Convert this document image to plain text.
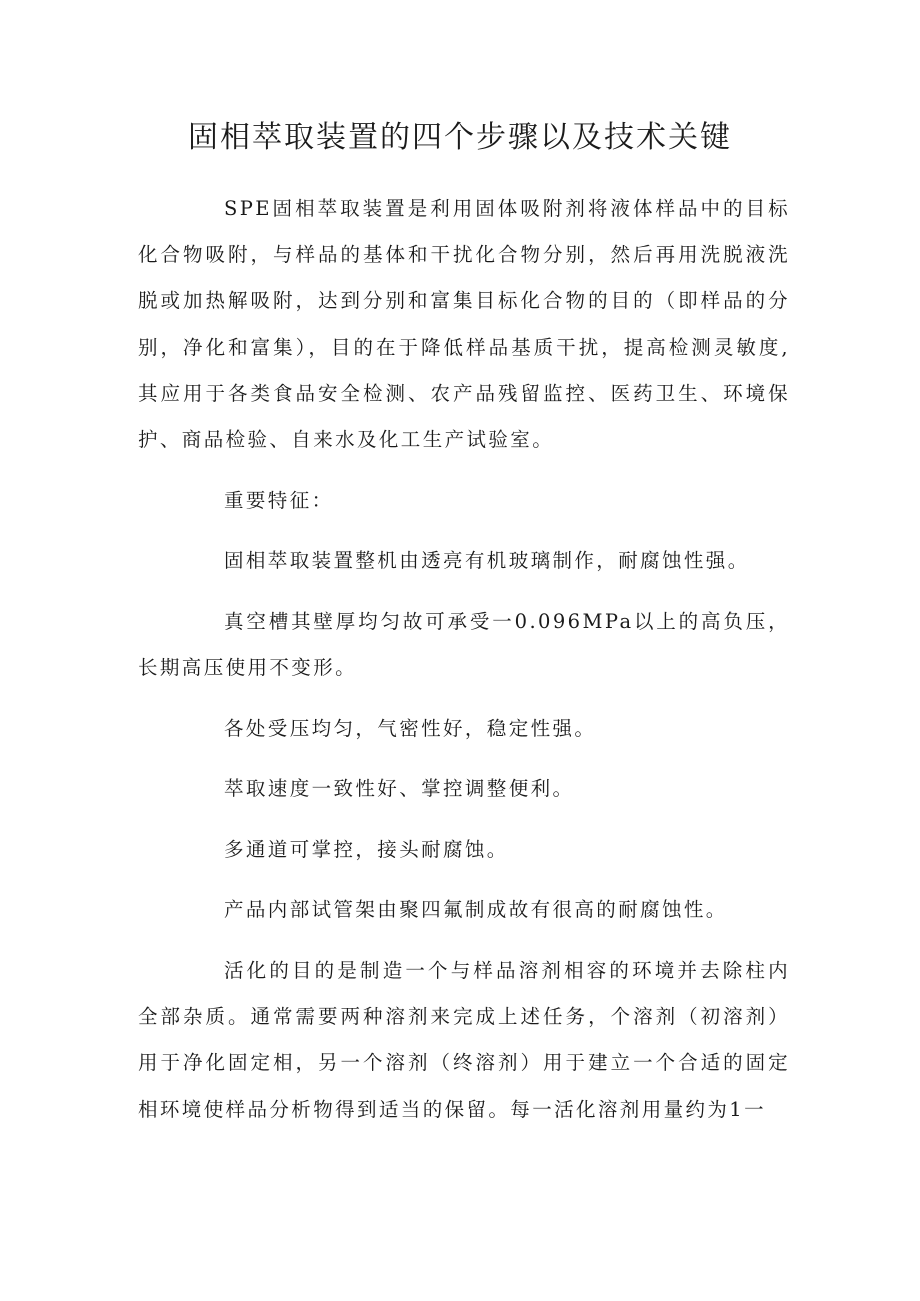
固相萃取装置的四个步骤以及技术关键

SPE固相萃取装置是利用固体吸附剂将液体样品中的目标化合物吸附，与样品的基体和干扰化合物分别，然后再用洗脱液洗脱或加热解吸附，达到分别和富集目标化合物的目的（即样品的分别，净化和富集），目的在于降低样品基质干扰，提高检测灵敏度,其应用于各类食品安全检测、农产品残留监控、医药卫生、环境保护、商品检验、自来水及化工生产试验室。

重要特征：

固相萃取装置整机由透亮有机玻璃制作，耐腐蚀性强。

真空槽其壁厚均匀故可承受一0.096MPa以上的高负压，长期高压使用不变形。

各处受压均匀，气密性好，稳定性强。

萃取速度一致性好、掌控调整便利。

多通道可掌控，接头耐腐蚀。

产品内部试管架由聚四氟制成故有很高的耐腐蚀性。

活化的目的是制造一个与样品溶剂相容的环境并去除柱内全部杂质。通常需要两种溶剂来完成上述任务，个溶剂（初溶剂）用于净化固定相，另一个溶剂（终溶剂）用于建立一个合适的固定相环境使样品分析物得到适当的保留。每一活化溶剂用量约为1一
